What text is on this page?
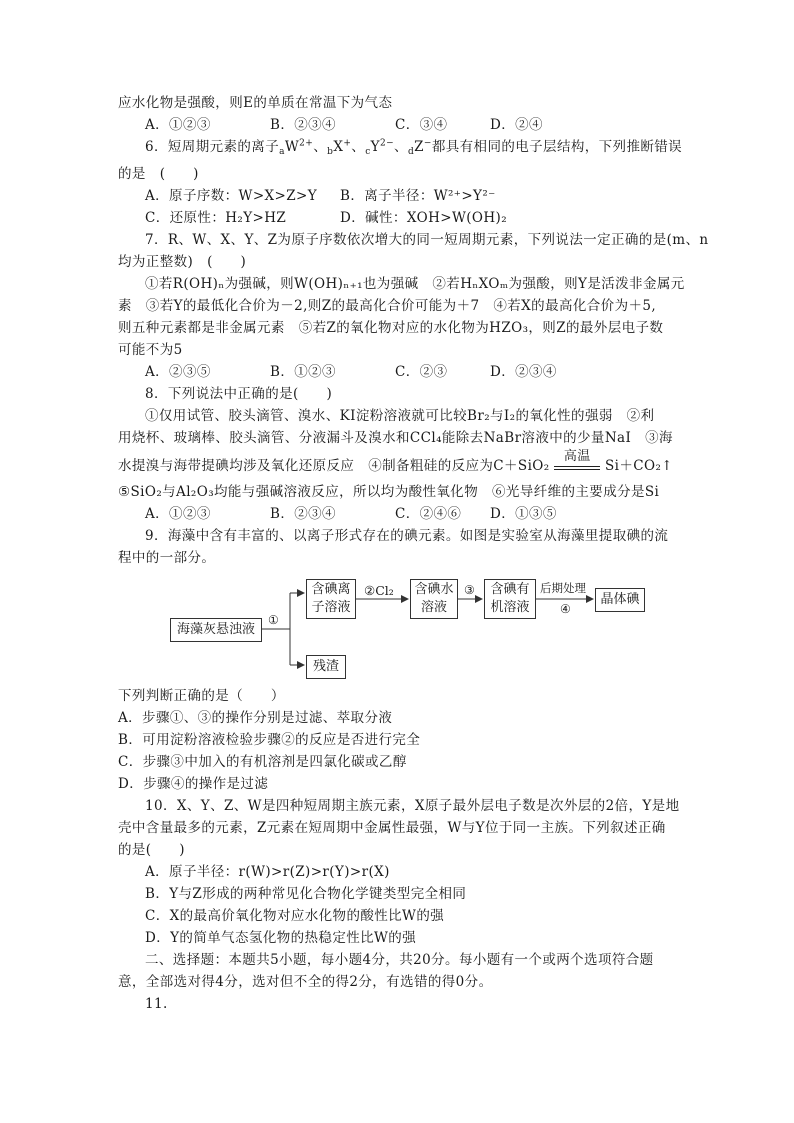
应水化物是强酸，则E的单质在常温下为气态
A．①②③	B．②③④	C．③④	D．②④
6．短周期元素的离子$_aW^{2+}$、$_b$X+、$_cY^{2-}$、$_d$Z−都具有相同的电子层结构，下列推断错误
的是　(　　)
A．原子序数：W>X>Z>Y	B．离子半径：W²⁺>Y²⁻
C．还原性：H₂Y>HZ	D．碱性：XOH>W(OH)₂
7．R、W、X、Y、Z为原子序数依次增大的同一短周期元素，下列说法一定正确的是(m、n
均为正整数)　(　　)
①若R(OH)ₙ为强碱，则W(OH)ₙ₊₁也为强碱　②若HₙXOₘ为强酸，则Y是活泼非金属元
素　③若Y的最低化合价为－2,则Z的最高化合价可能为＋7　④若X的最高化合价为＋5,
则五种元素都是非金属元素　⑤若Z的氧化物对应的水化物为HZO₃，则Z的最外层电子数
可能不为5
A．②③⑤	B．①②③	C．②③	D．②③④
8．下列说法中正确的是(　　)
①仅用试管、胶头滴管、溴水、KI淀粉溶液就可比较Br₂与I₂的氧化性的强弱　②利
用烧杯、玻璃棒、胶头滴管、分液漏斗及溴水和CCl₄能除去NaBr溶液中的少量NaI　③海
水提溴与海带提碘均涉及氧化还原反应　④制备粗硅的反应为C＋SiO₂
高温
Si＋CO₂↑
⑤SiO₂与Al₂O₃均能与强碱溶液反应，所以均为酸性氧化物　⑥光导纤维的主要成分是Si
A．①②③	B．②③④	C．②④⑥	D．①③⑤
9．海藻中含有丰富的、以离子形式存在的碘元素。如图是实验室从海藻里提取碘的流
程中的一部分。
海藻灰悬浊液
①
含碘离
子溶液
②Cl₂ 含碘水
溶液
③ 含碘有
机溶液
后期处理
④
晶体碘
残渣
下列判断正确的是（　　）
A．步骤①、③的操作分别是过滤、萃取分液
B．可用淀粉溶液检验步骤②的反应是否进行完全
C．步骤③中加入的有机溶剂是四氯化碳或乙醇
D．步骤④的操作是过滤
10．X、Y、Z、W是四种短周期主族元素，X原子最外层电子数是次外层的2倍，Y是地
壳中含量最多的元素，Z元素在短周期中金属性最强，W与Y位于同一主族。下列叙述正确
的是(　　)
A．原子半径：r(W)>r(Z)>r(Y)>r(X)
B．Y与Z形成的两种常见化合物化学键类型完全相同
C．X的最高价氧化物对应水化物的酸性比W的强
D．Y的简单气态氢化物的热稳定性比W的强
二、选择题：本题共5小题，每小题4分，共20分。每小题有一个或两个选项符合题
意，全部选对得4分，选对但不全的得2分，有选错的得0分。
11.
